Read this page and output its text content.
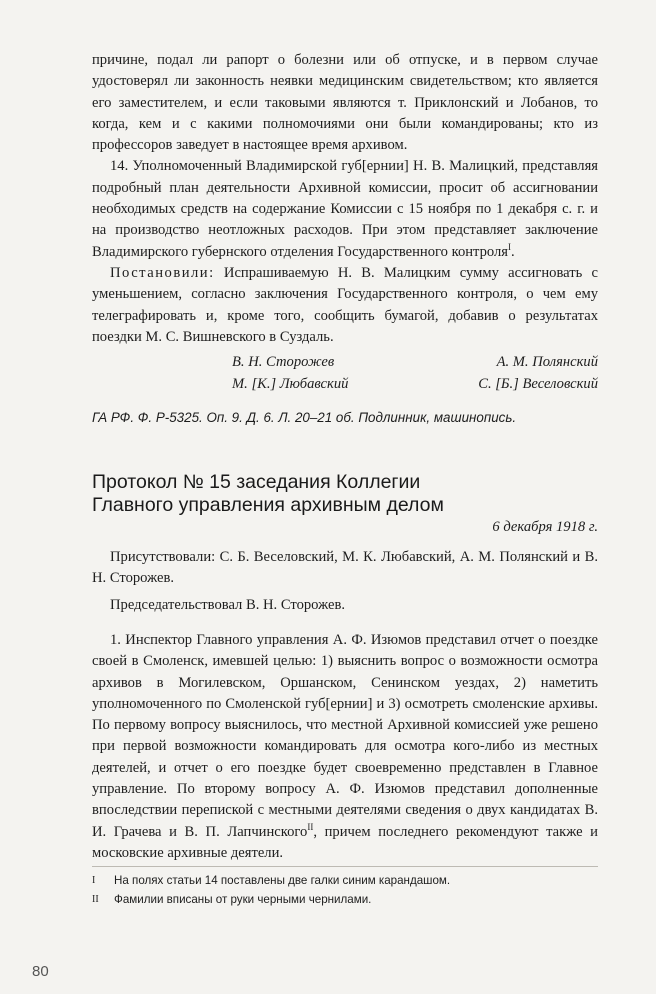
причине, подал ли рапорт о болезни или об отпуске, и в первом случае удостоверял ли законность неявки медицинским свидетельством; кто является его заместителем, и если таковыми являются т. Приклонский и Лобанов, то когда, кем и с какими полномочиями они были командированы; кто из профессоров заведует в настоящее время архивом.

14. Уполномоченный Владимирской губ[ернии] Н. В. Малицкий, представляя подробный план деятельности Архивной комиссии, просит об ассигновании необходимых средств на содержание Комиссии с 15 ноября по 1 декабря с. г. и на производство неотложных расходов. При этом представляет заключение Владимирского губернского отделения Государственного контроля$^I$.

Постановили: Испрашиваемую Н. В. Малицким сумму ассигновать с уменьшением, согласно заключения Государственного контроля, о чем ему телеграфировать и, кроме того, сообщить бумагой, добавив о результатах поездки М. С. Вишневского в Суздаль.

В. Н. Сторожев	А. М. Полянский
М. [К.] Любавский	С. [Б.] Веселовский
ГА РФ. Ф. Р-5325. Оп. 9. Д. 6. Л. 20–21 об. Подлинник, машинопись.
Протокол № 15 заседания Коллегии
Главного управления архивным делом
6 декабря 1918 г.

Присутствовали: С. Б. Веселовский, М. К. Любавский, А. М. Полянский и В. Н. Сторожев.

Председательствовал В. Н. Сторожев.

1. Инспектор Главного управления А. Ф. Изюмов представил отчет о поездке своей в Смоленск, имевшей целью: 1) выяснить вопрос о возможности осмотра архивов в Могилевском, Оршанском, Сенинском уездах, 2) наметить уполномоченного по Смоленской губ[ернии] и 3) осмотреть смоленские архивы. По первому вопросу выяснилось, что местной Архивной комиссией уже решено при первой возможности командировать для осмотра кого-либо из местных деятелей, и отчет о его поездке будет своевременно представлен в Главное управление. По второму вопросу А. Ф. Изюмов представил дополненные впоследствии перепиской с местными деятелями сведения о двух кандидатах В. И. Грачева и В. П. Лапчинского$^{II}$, причем последнего рекомендуют также и московские архивные деятели.

I На полях статьи 14 поставлены две галки синим карандашом.
II Фамилии вписаны от руки черными чернилами.
80
